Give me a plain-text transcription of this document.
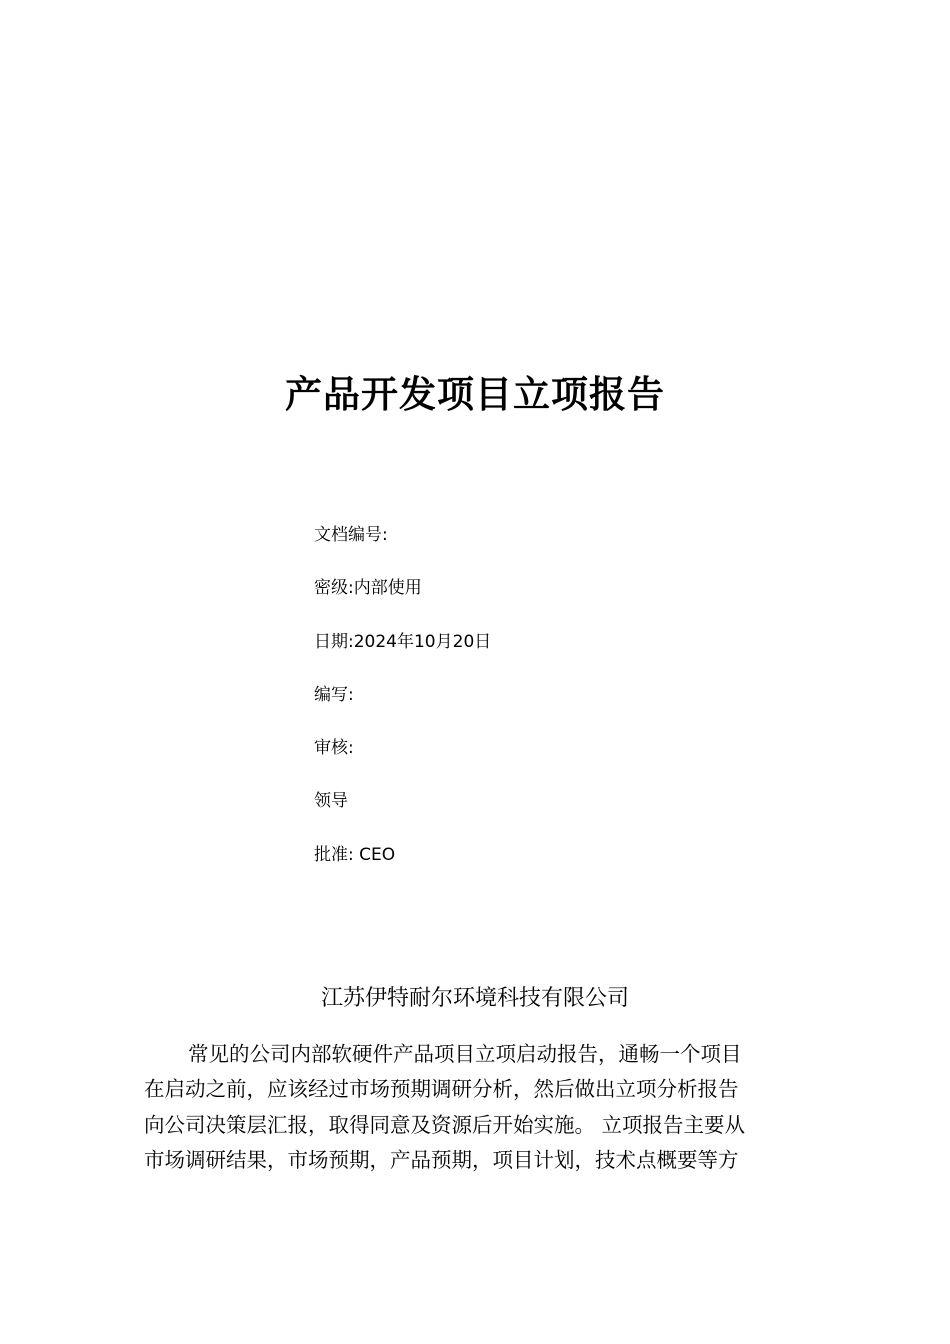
产品开发项目立项报告
文档编号:
密级:内部使用
日期:2024年10月20日
编写:
审核:
领导
批准: CEO
江苏伊特耐尔环境科技有限公司
常见的公司内部软硬件产品项目立项启动报告，通畅一个项目
在启动之前，应该经过市场预期调研分析，然后做出立项分析报告
向公司决策层汇报，取得同意及资源后开始实施。 立项报告主要从
市场调研结果，市场预期，产品预期，项目计划，技术点概要等方
